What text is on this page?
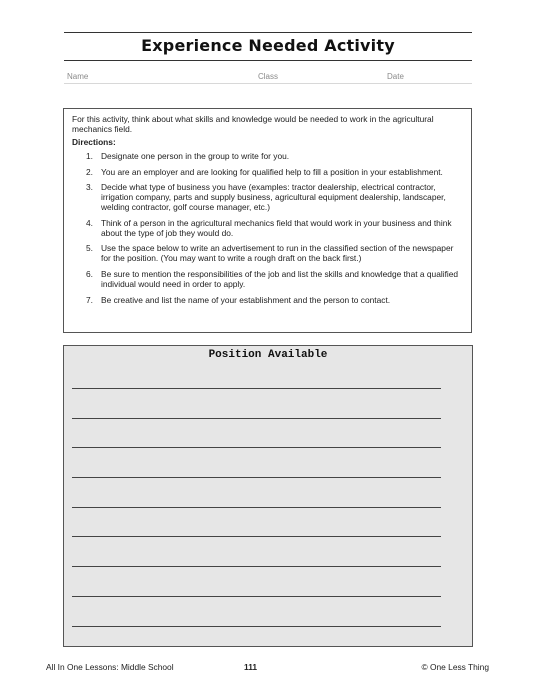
Experience Needed Activity
Name	Class	Date

For this activity, think about what skills and knowledge would be needed to work in the agricultural mechanics field.

Directions:

1. Designate one person in the group to write for you.
2. You are an employer and are looking for qualified help to fill a position in your establishment.
3. Decide what type of business you have (examples: tractor dealership, electrical contractor, irrigation company, parts and supply business, agricultural equipment dealership, landscaper, welding contractor, golf course manager, etc.)
4. Think of a person in the agricultural mechanics field that would work in your business and think about the type of job they would do.
5. Use the space below to write an advertisement to run in the classified section of the newspaper for the position. (You may want to write a rough draft on the back first.)
6. Be sure to mention the responsibilities of the job and list the skills and knowledge that a qualified individual would need in order to apply.
7. Be creative and list the name of your establishment and the person to contact.
Position Available
All In One Lessons: Middle School	111	© One Less Thing
